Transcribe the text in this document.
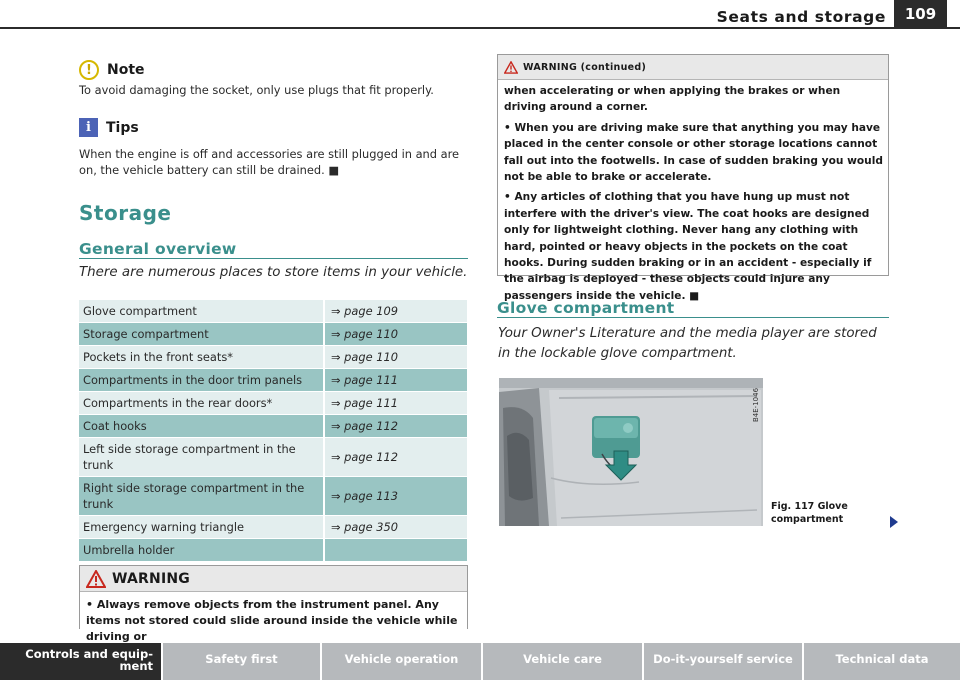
Seats and storage	109
!	Note
To avoid damaging the socket, only use plugs that fit properly.
i	Tips
When the engine is off and accessories are still plugged in and are on, the vehicle battery can still be drained. ■
Storage
General overview
There are numerous places to store items in your vehicle.
Glove compartment	⇒ page 109
Storage compartment	⇒ page 110
Pockets in the front seats*	⇒ page 110
Compartments in the door trim panels	⇒ page 111
Compartments in the rear doors*	⇒ page 111
Coat hooks	⇒ page 112
Left side storage compartment in the trunk	⇒ page 112
Right side storage compartment in the trunk	⇒ page 113
Emergency warning triangle	⇒ page 350
Umbrella holder	
WARNING
• Always remove objects from the instrument panel. Any items not stored could slide around inside the vehicle while driving or
WARNING (continued)

when accelerating or when applying the brakes or when driving around a corner.

• When you are driving make sure that anything you may have placed in the center console or other storage locations cannot fall out into the footwells. In case of sudden braking you would not be able to brake or accelerate.

• Any articles of clothing that you have hung up must not interfere with the driver's view. The coat hooks are designed only for lightweight clothing. Never hang any clothing with hard, pointed or heavy objects in the pockets on the coat hooks. During sudden braking or in an accident - especially if the airbag is deployed - these objects could injure any passengers inside the vehicle. ■

Glove compartment
Your Owner's Literature and the media player are stored in the lockable glove compartment.
B4E-1046
Fig. 117 Glove compartment
Controls and equip-ment	Safety first	Vehicle operation	Vehicle care	Do-it-yourself service	Technical data
